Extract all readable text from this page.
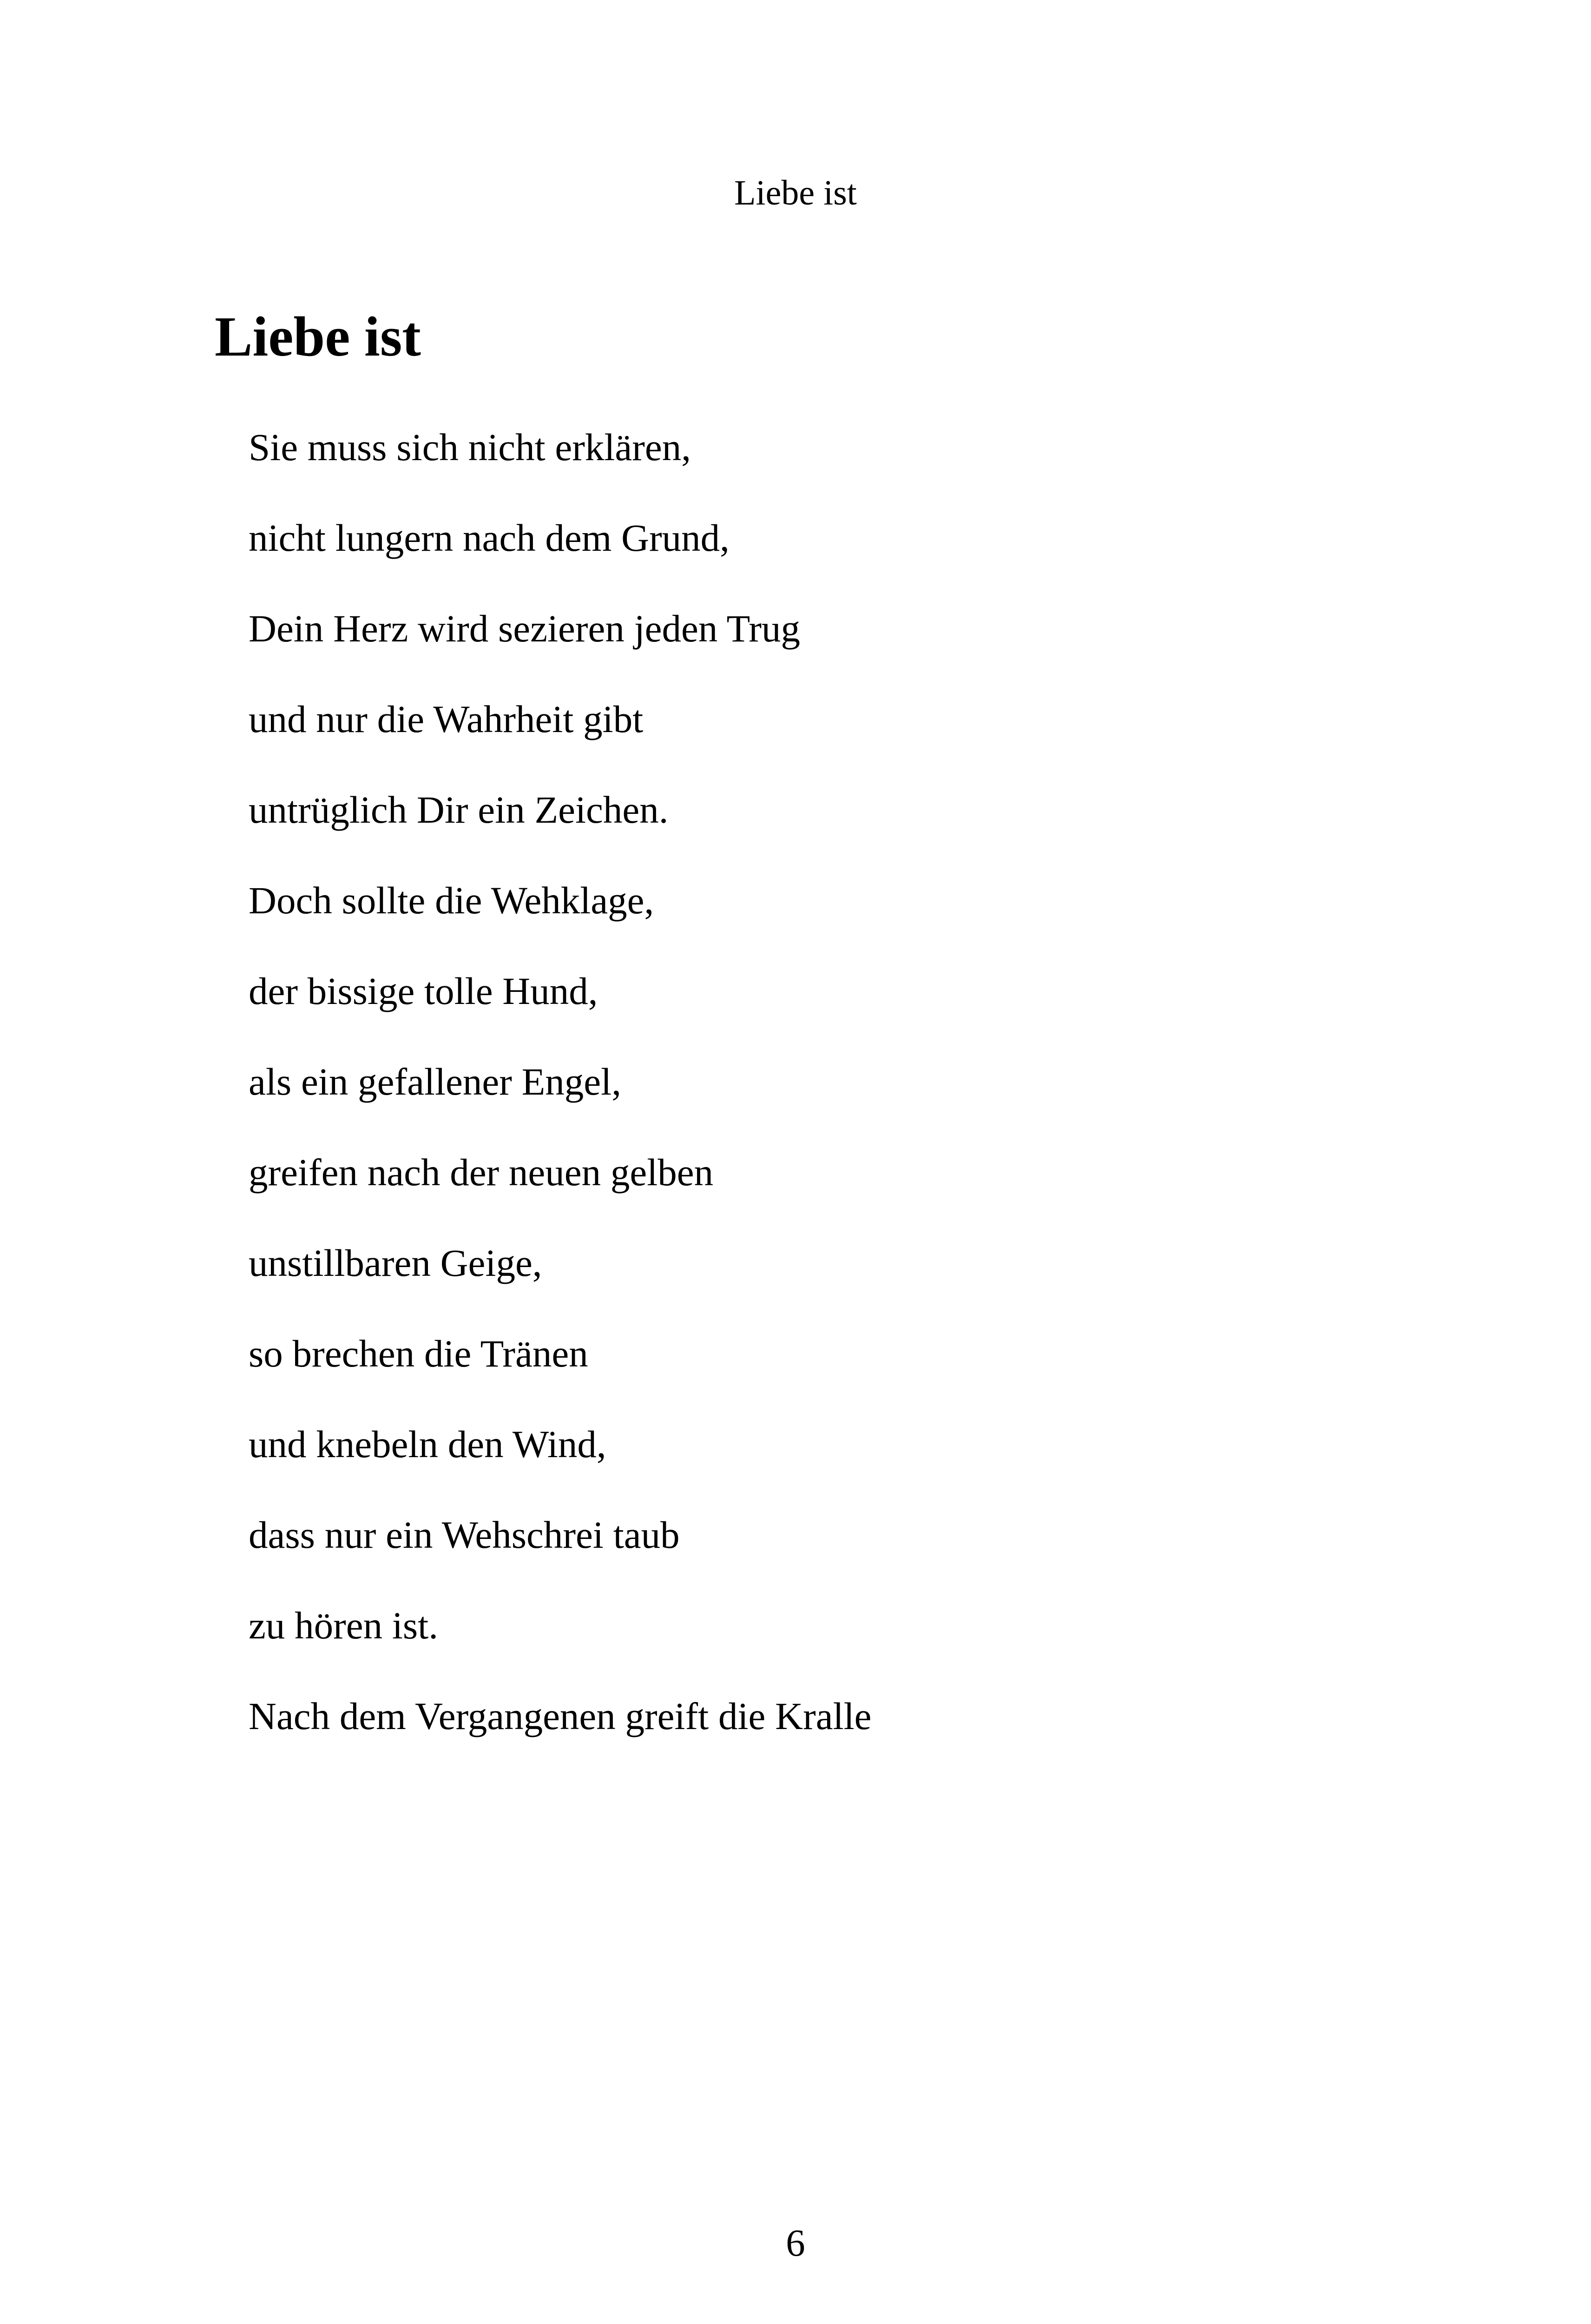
Liebe ist

Liebe ist
Sie muss sich nicht erklären,
nicht lungern nach dem Grund,
Dein Herz wird sezieren jeden Trug
und nur die Wahrheit gibt
untrüglich Dir ein Zeichen.
Doch sollte die Wehklage,
der bissige tolle Hund,
als ein gefallener Engel,
greifen nach der neuen gelben
unstillbaren Geige,
so brechen die Tränen
und knebeln den Wind,
dass nur ein Wehschrei taub
zu hören ist.
Nach dem Vergangenen greift die Kralle

6
